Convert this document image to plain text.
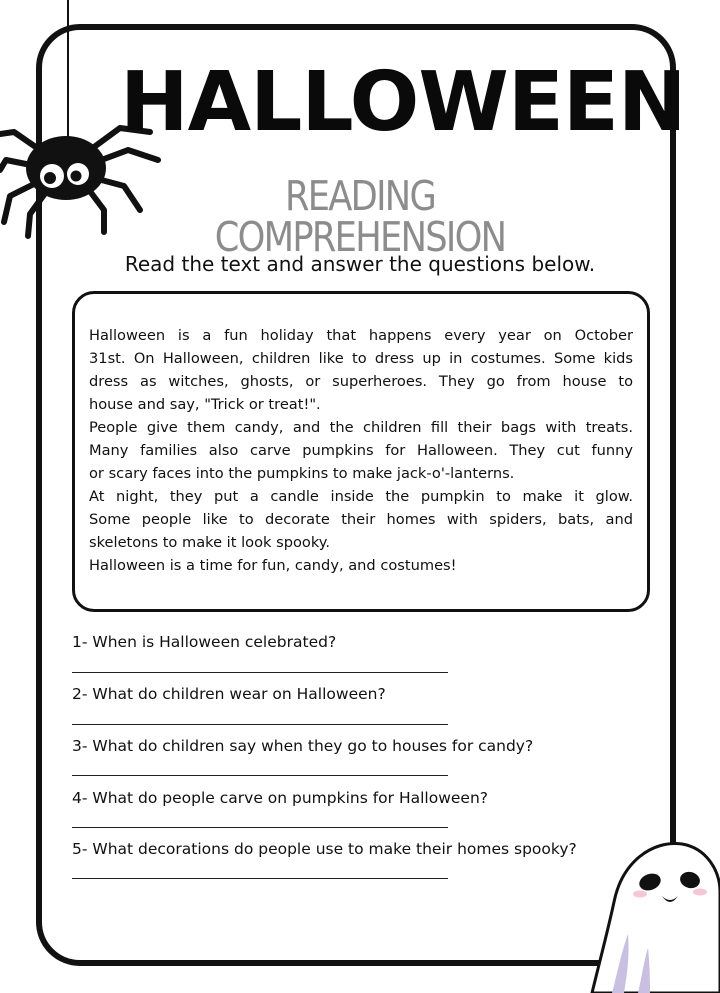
HALLOWEEN
READING COMPREHENSION
Read the text and answer the questions below.
Halloween is a fun holiday that happens every year on October
31st. On Halloween, children like to dress up in costumes. Some kids
dress as witches, ghosts, or superheroes. They go from house to
house and say, "Trick or treat!".
People give them candy, and the children fill their bags with treats.
Many families also carve pumpkins for Halloween. They cut funny
or scary faces into the pumpkins to make jack-o'-lanterns.
At night, they put a candle inside the pumpkin to make it glow.
Some people like to decorate their homes with spiders, bats, and
skeletons to make it look spooky.
Halloween is a time for fun, candy, and costumes!
1- When is Halloween celebrated?
2- What do children wear on Halloween?
3- What do children say when they go to houses for candy?
4- What do people carve on pumpkins for Halloween?
5- What decorations do people use to make their homes spooky?
